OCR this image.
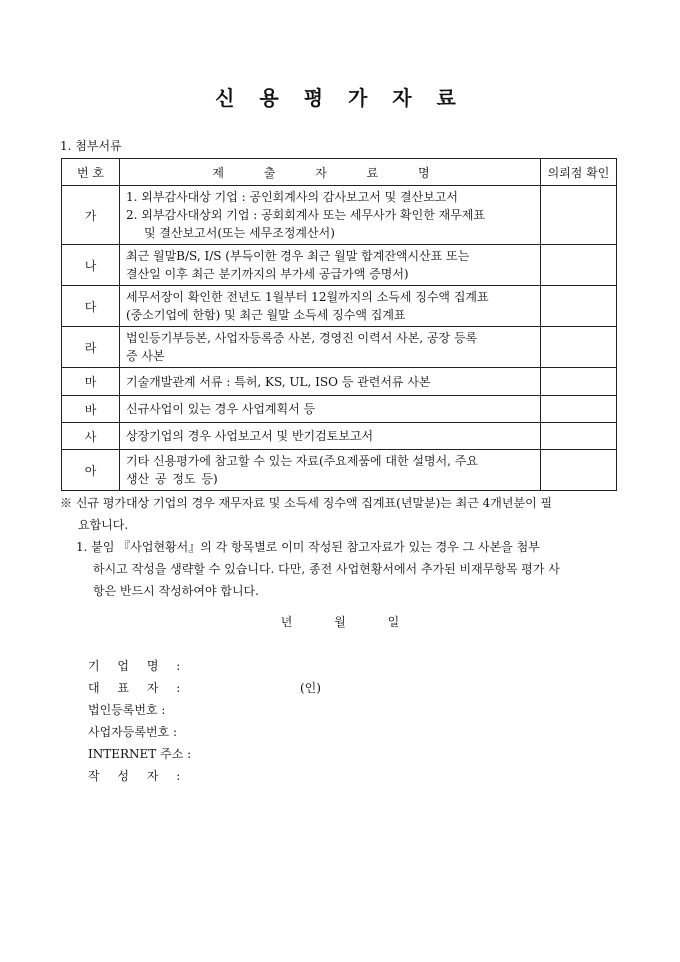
신 용 평 가 자 료
1. 첨부서류
번 호	제 출 자 료 명	의뢰점 확인
가	1. 외부감사대상 기업 : 공인회계사의 감사보고서 및 결산보고서
2. 외부감사대상외 기업 : 공회회계사 또는 세무사가 확인한 재무제표
및 결산보고서(또는 세무조정계산서)	

나	최근 월말B/S, I/S (부득이한 경우 최근 월말 합계잔액시산표 또는
결산일 이후 최근 분기까지의 부가세 공급가액 증명서)	

다	세무서장이 확인한 전년도 1월부터 12월까지의 소득세 징수액 집계표
(중소기업에 한함) 및 최근 월말 소득세 징수액 집계표	

라	법인등기부등본, 사업자등록증 사본, 경영진 이력서 사본, 공장 등록
증 사본	

마	기술개발관계 서류 : 특허, KS, UL, ISO 등 관련서류 사본	

바	신규사업이 있는 경우 사업계획서 등	

사	상장기업의 경우 사업보고서 및 반기검토보고서	

아	기타 신용평가에 참고할 수 있는 자료(주요제품에 대한 설명서, 주요
생산 공 정도 등)	

※ 신규 평가대상 기업의 경우 재무자료 및 소득세 징수액 집계표(년말분)는 최근 4개년분이 필
요합니다.
1. 붙임 『사업현황서』의 각 항목별로 이미 작성된 참고자료가 있는 경우 그 사본을 첨부
하시고 작성을 생략할 수 있습니다. 다만, 종전 사업현황서에서 추가된 비재무항목 평가 사
항은 반드시 작성하여야 합니다.
년 월 일
기 업 명 :
대 표 자 :	(인)
법인등록번호 :
사업자등록번호 :
INTERNET 주소 :
작 성 자 :
